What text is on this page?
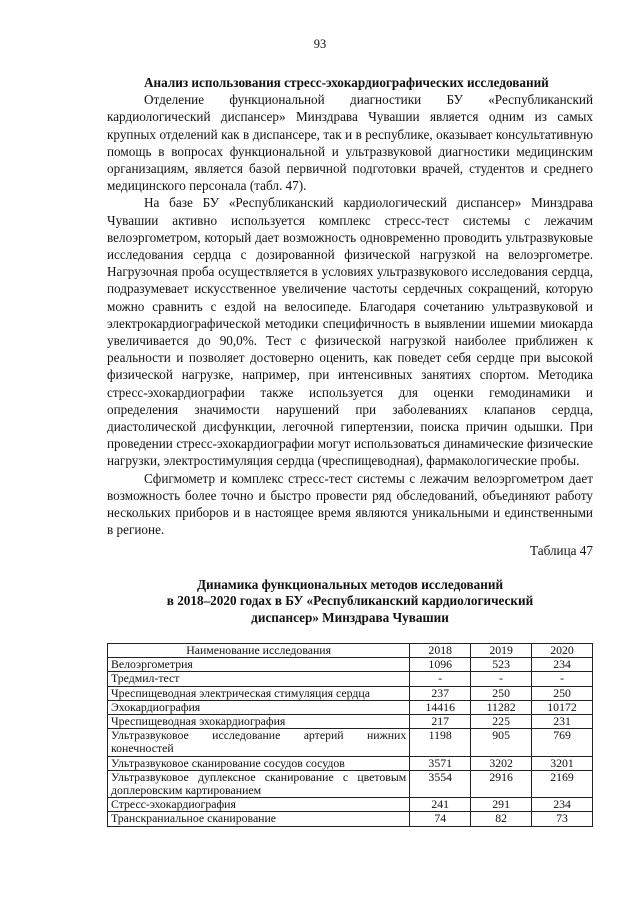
93

Анализ использования стресс-эхокардиографических исследований

Отделение функциональной диагностики БУ «Республиканский кардиологический диспансер» Минздрава Чувашии является одним из самых крупных отделений как в диспансере, так и в республике, оказывает консультативную помощь в вопросах функциональной и ультразвуковой диагностики медицинским организациям, является базой первичной подготовки врачей, студентов и среднего медицинского персонала (табл. 47).

На базе БУ «Республиканский кардиологический диспансер» Минздрава Чувашии активно используется комплекс стресс-тест системы с лежачим велоэргометром, который дает возможность одновременно проводить ультразвуковые исследования сердца с дозированной физической нагрузкой на велоэргометре. Нагрузочная проба осуществляется в условиях ультразвукового исследования сердца, подразумевает искусственное увеличение частоты сердечных сокращений, которую можно сравнить с ездой на велосипеде. Благодаря сочетанию ультразвуковой и электрокардиографической методики специфичность в выявлении ишемии миокарда увеличивается до 90,0%. Тест с физической нагрузкой наиболее приближен к реальности и позволяет достоверно оценить, как поведет себя сердце при высокой физической нагрузке, например, при интенсивных занятиях спортом. Методика стресс-эхокардиографии также используется для оценки гемодинамики и определения значимости нарушений при заболеваниях клапанов сердца, диастолической дисфункции, легочной гипертензии, поиска причин одышки. При проведении стресс-эхокардиографии могут использоваться динамические физические нагрузки, электростимуляция сердца (чреспищеводная), фармакологические пробы.

Сфигмометр и комплекс стресс-тест системы с лежачим велоэргометром дает возможность более точно и быстро провести ряд обследований, объединяют работу нескольких приборов и в настоящее время являются уникальными и единственными в регионе.

Таблица 47
Динамика функциональных методов исследований
в 2018–2020 годах в БУ «Республиканский кардиологический
диспансер» Минздрава Чувашии
Наименование исследования	2018	2019	2020
Велоэргометрия	1096	523	234
Тредмил-тест	-	-	-
Чреспищеводная электрическая стимуляция сердца	237	250	250
Эхокардиография	14416	11282	10172
Чреспищеводная эхокардиография	217	225	231
Ультразвуковое исследование артерий нижних конечностей	1198	905	769
Ультразвуковое сканирование сосудов сосудов	3571	3202	3201
Ультразвуковое дуплексное сканирование с цветовым доплеровским картированием	3554	2916	2169
Стресс-эхокардиография	241	291	234
Транскраниальное сканирование	74	82	73
